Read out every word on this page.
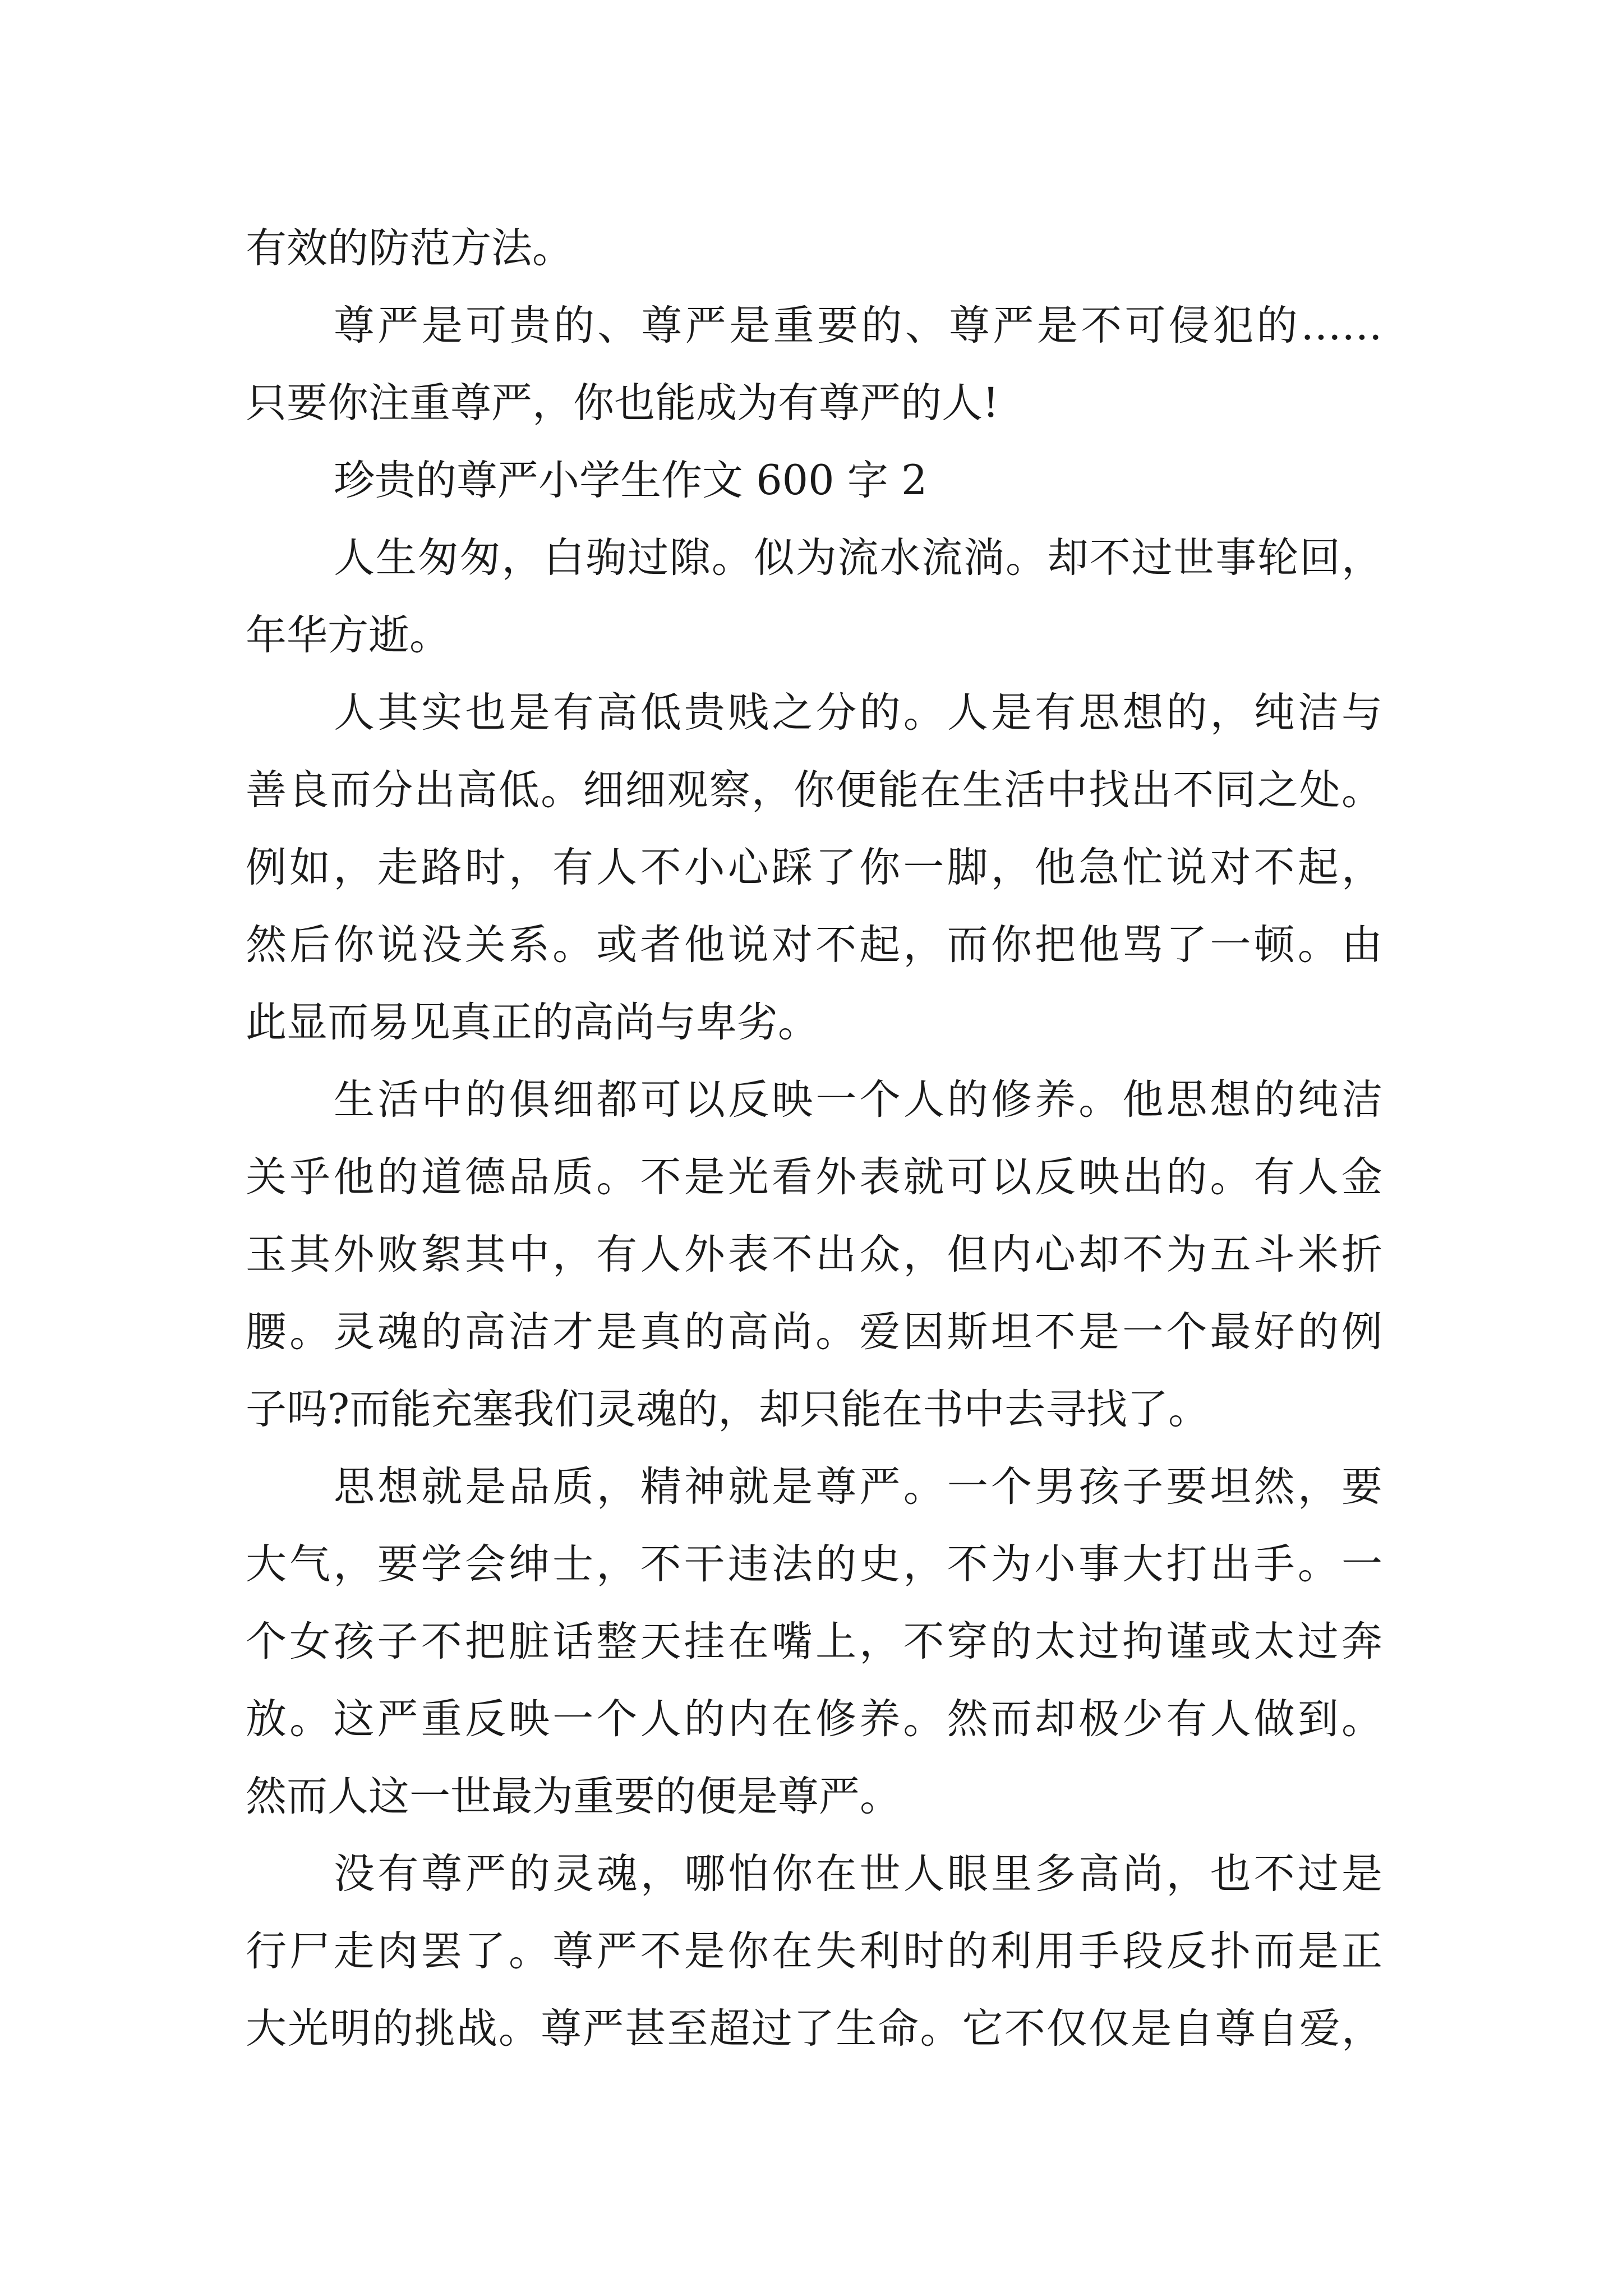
有效的防范方法。
尊严是可贵的、尊严是重要的、尊严是不可侵犯的……
只要你注重尊严，你也能成为有尊严的人!
珍贵的尊严小学生作文 600 字 2
人生匆匆，白驹过隙。似为流水流淌。却不过世事轮回，
年华方逝。
人其实也是有高低贵贱之分的。人是有思想的，纯洁与
善良而分出高低。细细观察，你便能在生活中找出不同之处。
例如，走路时，有人不小心踩了你一脚，他急忙说对不起，
然后你说没关系。或者他说对不起，而你把他骂了一顿。由
此显而易见真正的高尚与卑劣。
生活中的俱细都可以反映一个人的修养。他思想的纯洁
关乎他的道德品质。不是光看外表就可以反映出的。有人金
玉其外败絮其中，有人外表不出众，但内心却不为五斗米折
腰。灵魂的高洁才是真的高尚。爱因斯坦不是一个最好的例
子吗?而能充塞我们灵魂的，却只能在书中去寻找了。
思想就是品质，精神就是尊严。一个男孩子要坦然，要
大气，要学会绅士，不干违法的史，不为小事大打出手。一
个女孩子不把脏话整天挂在嘴上，不穿的太过拘谨或太过奔
放。这严重反映一个人的内在修养。然而却极少有人做到。
然而人这一世最为重要的便是尊严。
没有尊严的灵魂，哪怕你在世人眼里多高尚，也不过是
行尸走肉罢了。尊严不是你在失利时的利用手段反扑而是正
大光明的挑战。尊严甚至超过了生命。它不仅仅是自尊自爱，
